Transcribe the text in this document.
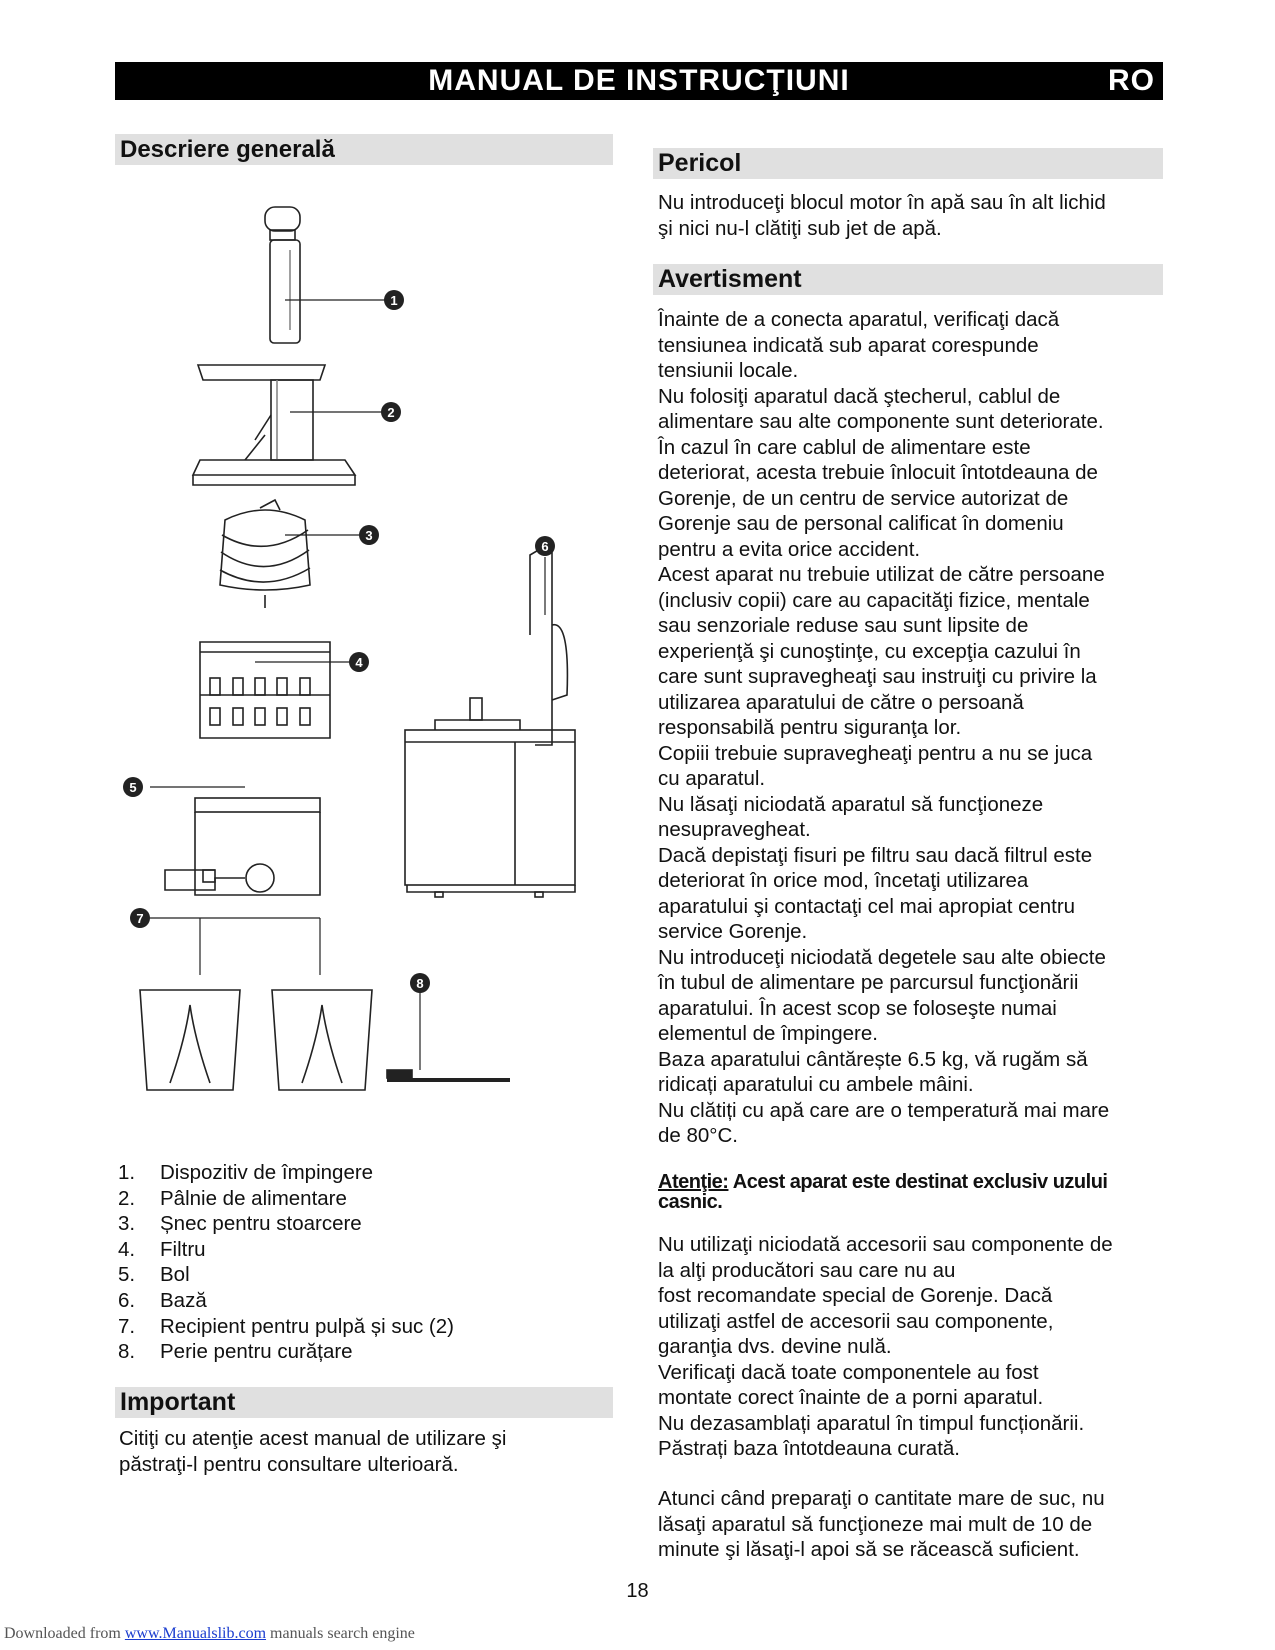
MANUAL DE INSTRUCŢIUNI	RO
Descriere generală
1
2
3
4
5
6
7
8
1.	Dispozitiv de împingere
2.	Pâlnie de alimentare
3.	Șnec pentru stoarcere
4.	Filtru
5.	Bol
6.	Bază
7.	Recipient pentru pulpă și suc (2)
8.	Perie pentru curățare
Important

Citiţi cu atenţie acest manual de utilizare şi

păstraţi-l pentru consultare ulterioară.

Pericol

Nu introduceţi blocul motor în apă sau în alt lichid

şi nici nu-l clătiţi sub jet de apă.

Avertisment

Înainte de a conecta aparatul, verificaţi dacă

tensiunea indicată sub aparat corespunde

tensiunii locale.

Nu folosiţi aparatul dacă ştecherul, cablul de

alimentare sau alte componente sunt deteriorate.

În cazul în care cablul de alimentare este

deteriorat, acesta trebuie înlocuit întotdeauna de

Gorenje, de un centru de service autorizat de

Gorenje sau de personal calificat în domeniu

pentru a evita orice accident.

Acest aparat nu trebuie utilizat de către persoane

(inclusiv copii) care au capacităţi fizice, mentale

sau senzoriale reduse sau sunt lipsite de

experienţă şi cunoştinţe, cu excepţia cazului în

care sunt supravegheaţi sau instruiţi cu privire la

utilizarea aparatului de către o persoană

responsabilă pentru siguranţa lor.

Copiii trebuie supravegheaţi pentru a nu se juca

cu aparatul.

Nu lăsaţi niciodată aparatul să funcţioneze

nesupravegheat.

Dacă depistaţi fisuri pe filtru sau dacă filtrul este

deteriorat în orice mod, încetaţi utilizarea

aparatului şi contactaţi cel mai apropiat centru

service Gorenje.

Nu introduceţi niciodată degetele sau alte obiecte

în tubul de alimentare pe parcursul funcţionării

aparatului. În acest scop se foloseşte numai

elementul de împingere.

Baza aparatului cântărește 6.5 kg, vă rugăm să

ridicați aparatului cu ambele mâini.

Nu clătiți cu apă care are o temperatură mai mare

de 80°C.

Atenţie: Acest aparat este destinat exclusiv uzului casnic.

Nu utilizaţi niciodată accesorii sau componente de

la alţi producători sau care nu au

fost recomandate special de Gorenje. Dacă

utilizaţi astfel de accesorii sau componente,

garanţia dvs. devine nulă.

Verificaţi dacă toate componentele au fost

montate corect înainte de a porni aparatul.

Nu dezasamblați aparatul în timpul funcționării.

Păstrați baza întotdeauna curată.

Atunci când preparaţi o cantitate mare de suc, nu

lăsaţi aparatul să funcţioneze mai mult de 10 de

minute şi lăsaţi-l apoi să se răcească suficient.

18
Downloaded from www.Manualslib.com manuals search engine
